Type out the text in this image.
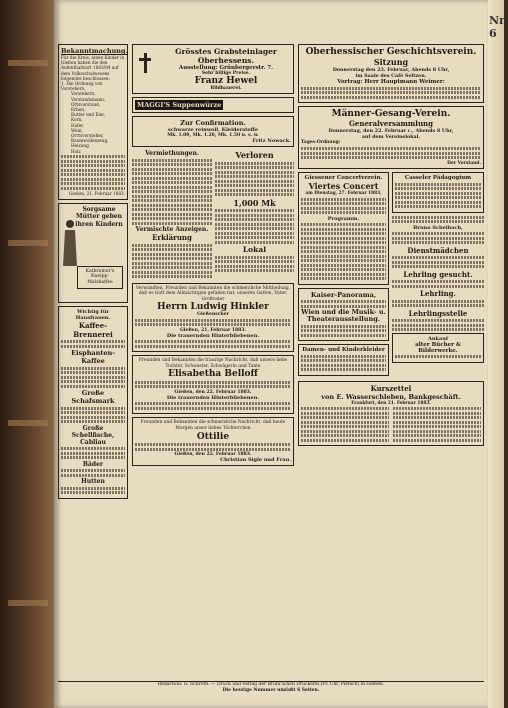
Nr. 6
Bekanntmachung.
Für die Kreis, einen Kinder in Gießen haben die den Aufenthaltsort 1883/84 auf dem Volksschulwesens folgendes beschlossen:
1. Die Ordnung von Vorstehern,
Vorstehern,
Vorstandsmann,
Ortsvorstand,
Erben,
Butter und Eier,
Korn,
Hafer,
Wein,
Orrtsvorsteher,
Baumwollenzeug,
Heizung,
Holz
Gießen, 21. Februar 1883.
Sorgsame Mütter geben ihren Kindern
Kathreiner's Kneipp-Malzkaffee
Wichtig für Hausfrauen.
Kaffee-Brennerei
Eisphanten-Kaffee
Große Schafsmark
Große Schellfische,
Cabliau
Bäder
Hutten
Grösstes Grabsteinlager
Oberhessens.
Ausstellung: Grünbergerstr. 7.
Sehr billige Preise.
Franz Hewel
Bildhauerei.
MAGGI'S Suppenwürze
Zur Confirmation.
schwarze reinwoll. Kleiderstoffe
Mk. 1.00, Mk. 1.20, Mk. 1.50 u. s. w.
Fritz Nowack.
Vermiethungen.
Vermischte Anzeigen.
Erklärung
Verloren
1,000 Mk
Lokal
Verwandten, Freunden und Bekannten die schmerzliche Mittheilung, daß es Gott dem Allmächtigen gefallen hat, unseren Gatten, Vater, Großvater
Herrn Ludwig Hinkler
Gießenscher
Gießen, 21. Februar 1883.
Die trauernden Hinterbliebenen.
Freunden und Bekannten die traurige Nachricht, daß unsere liebe Tochter, Schwester, Schwägerin und Tante
Elisabetha Belloff
Gießen, den 22. Februar 1883.
Die trauernden Hinterbliebenen.
Freunden und Bekannten die schmerzliche Nachricht, daß heute Morgen unser liebes Töchterchen
Ottilie
Gießen, den 22. Februar 1883.
Christian Sigle und Frau.
Oberhessischer Geschichtsverein.
Sitzung
Donnerstag den 23. Februar, Abends 8 Uhr,
im Saale des Café Seltzen.
Vortrag: Herr Hauptmann Weimer:
Männer-Gesang-Verein.
Generalversammlung
Donnerstag, den 22. Februar c., Abends 8 Uhr,
auf dem Vereinslokal.
Tages-Ordnung:
Der Vorstand.
Giessener Concertverein.
Viertes Concert
am Dienstag, 27. Februar 1883,
Programm.
Kaiser-Panorama,
Wien und die Musik- u. Theaterausstellung.
Damen- und Kinderkleider
Casseler Pädagogium
Bruno Schelbach,
Dienstmädchen
Lehrling gesucht.
Lehrling.
Lehrlingsstelle
Ankauf
alter Bücher & Bilderwerke.
Kurszettel
von E. Wasserschleben, Bankgeschäft.
Frankfurt, den 21. Februar 1883.
Redaction: G. Schroth. — Druck und Verlag der Brühl'schen Druckerei (Fr. Chr. Pietsch) in Gießen.
Die heutige Nummer umfaßt 6 Seiten.
